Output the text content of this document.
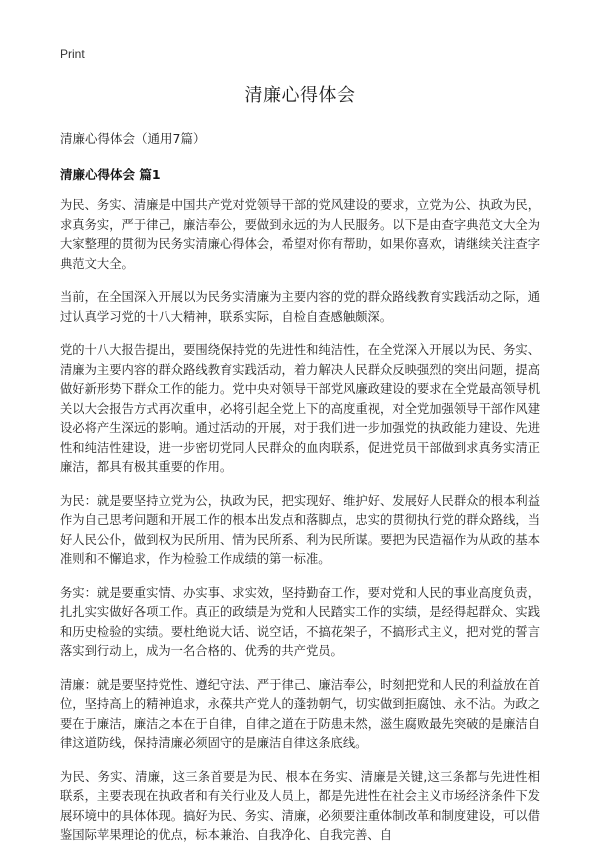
Print
清廉心得体会

清廉心得体会（通用7篇）

清廉心得体会 篇1

为民、务实、清廉是中国共产党对党领导干部的党风建设的要求，立党为公、执政为民，求真务实，严于律己，廉洁奉公，要做到永远的为人民服务。以下是由查字典范文大全为大家整理的贯彻为民务实清廉心得体会，希望对你有帮助，如果你喜欢，请继续关注查字典范文大全。

当前，在全国深入开展以为民务实清廉为主要内容的党的群众路线教育实践活动之际，通过认真学习党的十八大精神，联系实际，自检自查感触颇深。

党的十八大报告提出，要围绕保持党的先进性和纯洁性，在全党深入开展以为民、务实、清廉为主要内容的群众路线教育实践活动，着力解决人民群众反映强烈的突出问题，提高做好新形势下群众工作的能力。党中央对领导干部党风廉政建设的要求在全党最高领导机关以大会报告方式再次重申，必将引起全党上下的高度重视，对全党加强领导干部作风建设必将产生深远的影响。通过活动的开展，对于我们进一步加强党的执政能力建设、先进性和纯洁性建设，进一步密切党同人民群众的血肉联系，促进党员干部做到求真务实清正廉洁，都具有极其重要的作用。

为民：就是要坚持立党为公，执政为民，把实现好、维护好、发展好人民群众的根本利益作为自己思考问题和开展工作的根本出发点和落脚点，忠实的贯彻执行党的群众路线，当好人民公仆，做到权为民所用、情为民所系、利为民所谋。要把为民造福作为从政的基本准则和不懈追求，作为检验工作成绩的第一标准。

务实：就是要重实情、办实事、求实效，坚持勤奋工作，要对党和人民的事业高度负责，扎扎实实做好各项工作。真正的政绩是为党和人民踏实工作的实绩，是经得起群众、实践和历史检验的实绩。要杜绝说大话、说空话，不搞花架子，不搞形式主义，把对党的誓言落实到行动上，成为一名合格的、优秀的共产党员。

清廉：就是要坚持党性、遵纪守法、严于律己、廉洁奉公，时刻把党和人民的利益放在首位，坚持高上的精神追求，永葆共产党人的蓬勃朝气，切实做到拒腐蚀、永不沾。为政之要在于廉洁，廉洁之本在于自律，自律之道在于防患未然，滋生腐败最先突破的是廉洁自律这道防线，保持清廉必须固守的是廉洁自律这条底线。

为民、务实、清廉，这三条首要是为民、根本在务实、清廉是关键,这三条都与先进性相联系，主要表现在执政者和有关行业及人员上，都是先进性在社会主义市场经济条件下发展环境中的具体体现。搞好为民、务实、清廉，必须要注重体制改革和制度建设，可以借鉴国际苹果理论的优点，标本兼治、自我净化、自我完善、自
